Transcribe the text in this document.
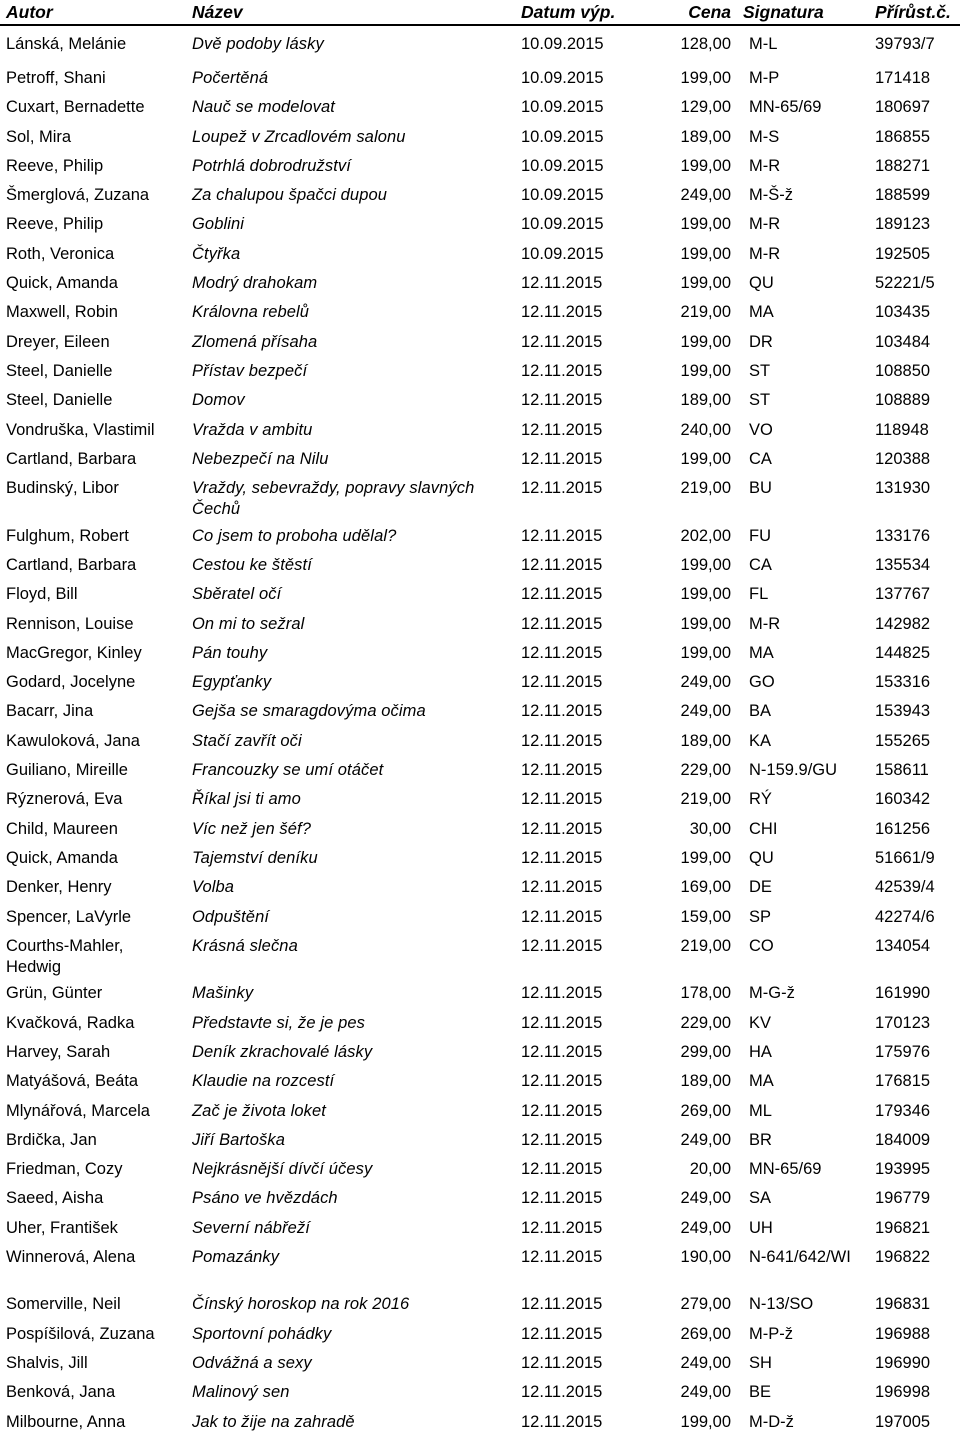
Autor	Název	Datum výp.	Cena	Signatura	Přírůst.č.
Lánská, Melánie	Dvě podoby lásky	10.09.2015	128,00	M-L	39793/7
Petroff, Shani	Počertěná	10.09.2015	199,00	M-P	171418
Cuxart, Bernadette	Nauč se modelovat	10.09.2015	129,00	MN-65/69	180697
Sol, Mira	Loupež v Zrcadlovém salonu	10.09.2015	189,00	M-S	186855
Reeve, Philip	Potrhlá dobrodružství	10.09.2015	199,00	M-R	188271
Šmerglová, Zuzana	Za chalupou špačci dupou	10.09.2015	249,00	M-Š-ž	188599
Reeve, Philip	Goblini	10.09.2015	199,00	M-R	189123
Roth, Veronica	Čtyřka	10.09.2015	199,00	M-R	192505
Quick, Amanda	Modrý drahokam	12.11.2015	199,00	QU	52221/5
Maxwell, Robin	Královna rebelů	12.11.2015	219,00	MA	103435
Dreyer, Eileen	Zlomená přísaha	12.11.2015	199,00	DR	103484
Steel, Danielle	Přístav bezpečí	12.11.2015	199,00	ST	108850
Steel, Danielle	Domov	12.11.2015	189,00	ST	108889
Vondruška, Vlastimil	Vražda v ambitu	12.11.2015	240,00	VO	118948
Cartland, Barbara	Nebezpečí na Nilu	12.11.2015	199,00	CA	120388
Budinský, Libor	Vraždy, sebevraždy, popravy slavných Čechů	12.11.2015	219,00	BU	131930
Fulghum, Robert	Co jsem to proboha udělal?	12.11.2015	202,00	FU	133176
Cartland, Barbara	Cestou ke štěstí	12.11.2015	199,00	CA	135534
Floyd, Bill	Sběratel očí	12.11.2015	199,00	FL	137767
Rennison, Louise	On mi to sežral	12.11.2015	199,00	M-R	142982
MacGregor, Kinley	Pán touhy	12.11.2015	199,00	MA	144825
Godard, Jocelyne	Egypťanky	12.11.2015	249,00	GO	153316
Bacarr, Jina	Gejša se smaragdovýma očima	12.11.2015	249,00	BA	153943
Kawuloková, Jana	Stačí zavřít oči	12.11.2015	189,00	KA	155265
Guiliano, Mireille	Francouzky se umí otáčet	12.11.2015	229,00	N-159.9/GU	158611
Rýznerová, Eva	Říkal jsi ti amo	12.11.2015	219,00	RÝ	160342
Child, Maureen	Víc než jen šéf?	12.11.2015	30,00	CHI	161256
Quick, Amanda	Tajemství deníku	12.11.2015	199,00	QU	51661/9
Denker, Henry	Volba	12.11.2015	169,00	DE	42539/4
Spencer, LaVyrle	Odpuštění	12.11.2015	159,00	SP	42274/6
Courths-Mahler, Hedwig	Krásná slečna	12.11.2015	219,00	CO	134054
Grün, Günter	Mašinky	12.11.2015	178,00	M-G-ž	161990
Kvačková, Radka	Představte si, že je pes	12.11.2015	229,00	KV	170123
Harvey, Sarah	Deník zkrachovalé lásky	12.11.2015	299,00	HA	175976
Matyášová, Beáta	Klaudie na rozcestí	12.11.2015	189,00	MA	176815
Mlynářová, Marcela	Zač je života loket	12.11.2015	269,00	ML	179346
Brdička, Jan	Jiří Bartoška	12.11.2015	249,00	BR	184009
Friedman, Cozy	Nejkrásnější dívčí účesy	12.11.2015	20,00	MN-65/69	193995
Saeed, Aisha	Psáno ve hvězdách	12.11.2015	249,00	SA	196779
Uher, František	Severní nábřeží	12.11.2015	249,00	UH	196821
Winnerová, Alena	Pomazánky	12.11.2015	190,00	N-641/642/WI	196822
Somerville, Neil	Čínský horoskop na rok 2016	12.11.2015	279,00	N-13/SO	196831
Pospíšilová, Zuzana	Sportovní pohádky	12.11.2015	269,00	M-P-ž	196988
Shalvis, Jill	Odvážná a sexy	12.11.2015	249,00	SH	196990
Benková, Jana	Malinový sen	12.11.2015	249,00	BE	196998
Milbourne, Anna	Jak to žije na zahradě	12.11.2015	199,00	M-D-ž	197005
